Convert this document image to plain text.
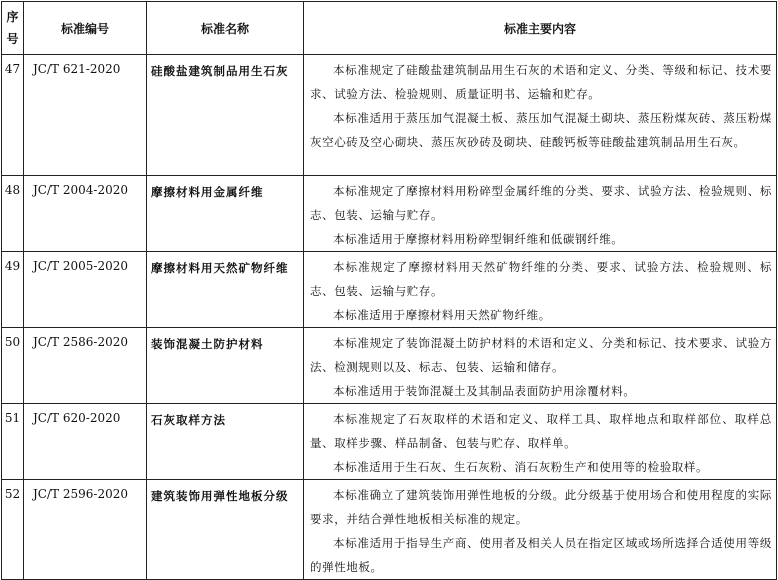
序
号	标准编号	标准名称	标准主要内容
47	JC/T 621-2020	硅酸盐建筑制品用生石灰	本标准规定了硅酸盐建筑制品用生石灰的术语和定义、分类、等级和标记、技术要求、试验方法、检验规则、质量证明书、运输和贮存。

本标准适用于蒸压加气混凝土板、蒸压加气混凝土砌块、蒸压粉煤灰砖、蒸压粉煤灰空心砖及空心砌块、蒸压灰砂砖及砌块、硅酸钙板等硅酸盐建筑制品用生石灰。

48	JC/T 2004-2020	摩擦材料用金属纤维	本标准规定了摩擦材料用粉碎型金属纤维的分类、要求、试验方法、检验规则、标志、包装、运输与贮存。

本标准适用于摩擦材料用粉碎型铜纤维和低碳钢纤维。

49	JC/T 2005-2020	摩擦材料用天然矿物纤维	本标准规定了摩擦材料用天然矿物纤维的分类、要求、试验方法、检验规则、标志、包装、运输与贮存。

本标准适用于摩擦材料用天然矿物纤维。

50	JC/T 2586-2020	装饰混凝土防护材料	本标准规定了装饰混凝土防护材料的术语和定义、分类和标记、技术要求、试验方法、检测规则以及、标志、包装、运输和储存。

本标准适用于装饰混凝土及其制品表面防护用涂覆材料。

51	JC/T 620-2020	石灰取样方法	本标准规定了石灰取样的术语和定义、取样工具、取样地点和取样部位、取样总量、取样步骤、样品制备、包装与贮存、取样单。

本标准适用于生石灰、生石灰粉、消石灰粉生产和使用等的检验取样。

52	JC/T 2596-2020	建筑装饰用弹性地板分级	本标准确立了建筑装饰用弹性地板的分级。此分级基于使用场合和使用程度的实际要求，并结合弹性地板相关标准的规定。

本标准适用于指导生产商、使用者及相关人员在指定区域或场所选择合适使用等级的弹性地板。
